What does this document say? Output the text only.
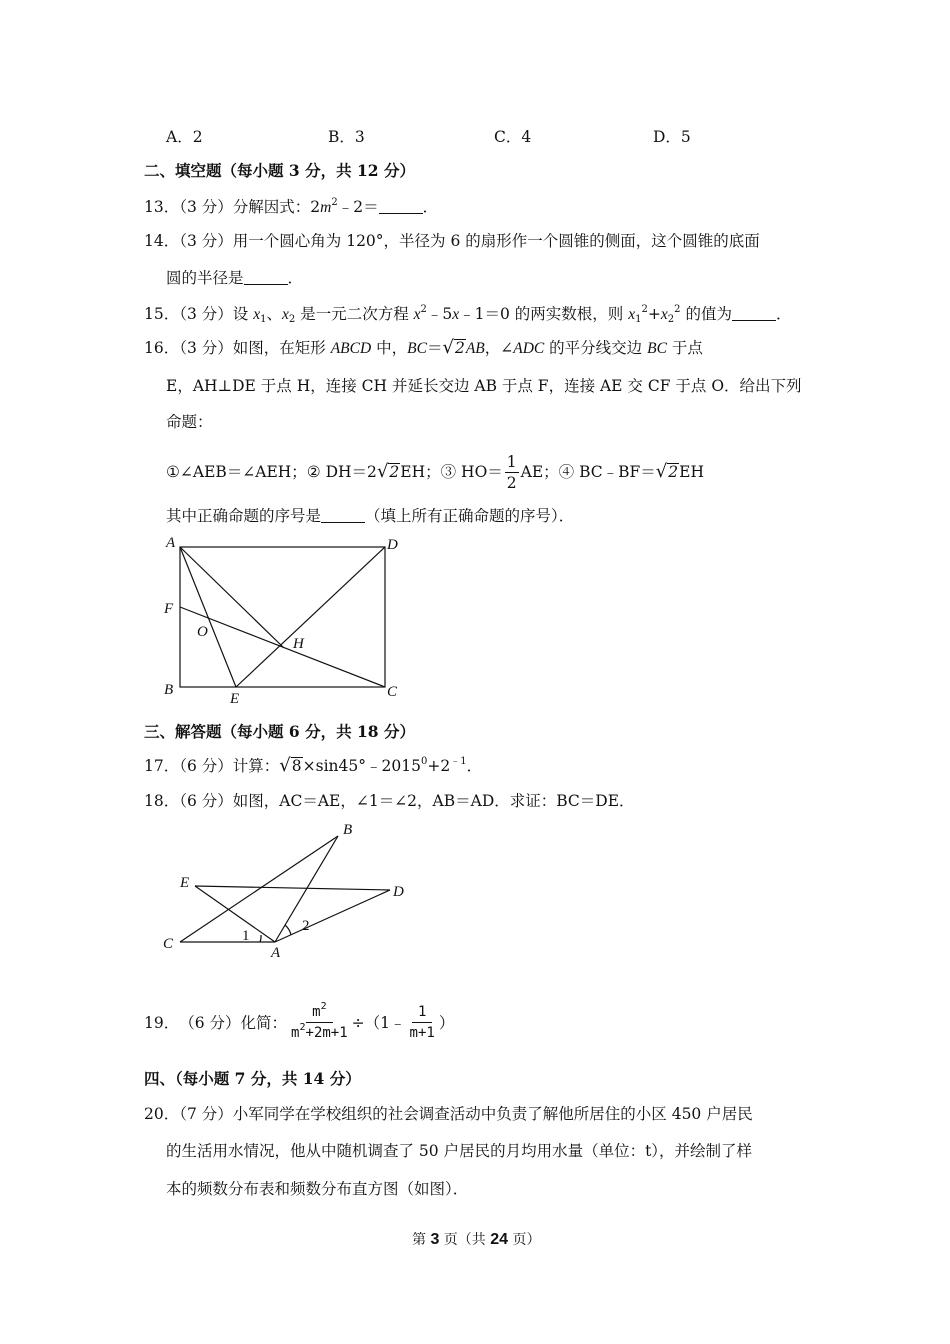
A．2	B．3	C．4	D．5
二、填空题（每小题 3 分，共 12 分）
13．（3 分）分解因式：$2m^2﹣2=$	．
14．（3 分）用一个圆心角为 120°，半径为 6 的扇形作一个圆锥的侧面，这个圆锥的底面
圆的半径是	．
15．（3 分）设 $x_1$、$x_2$ 是一元二次方程 $x^2﹣5x﹣1=0$ 的两实数根，则 $x_1^2+x_2^2$ 的值为	．
16．（3 分）如图，在矩形 ABCD 中，BC＝ √ 2 AB，∠ADC 的平分线交边 BC 于点
E，AH⊥DE 于点 H，连接 CH 并延长交边 AB 于点 F，连接 AE 交 CF 于点 O．给出下列
命题：
①∠AEB＝∠AEH；② DH＝2 √ 2 EH；③ $HO= \frac{1}{2}$ AE；④ BC﹣BF＝ √ 2 EH
其中正确命题的序号是	（填上所有正确命题的序号）．
A	D
F
O
H
B
E	C
三、解答题（每小题 6 分，共 18 分）
17．（6 分）计算： √ $8 \times\sin 45^\circ﹣2015^0+2^{﹣1}$．
18．（6 分）如图，AC＝AE，∠1＝∠2，AB＝AD．求证：BC＝DE．
B
E
D
C
A
1
2
19． （6 分） 化简： $\frac{m^2}{m^2+2m+1}$ ÷（1﹣ $\frac{1}{m+1}$ ）
四、（每小题 7 分，共 14 分）
20．（7 分）小军同学在学校组织的社会调查活动中负责了解他所居住的小区 450 户居民
的生活用水情况，他从中随机调查了 50 户居民的月均用水量（单位：t），并绘制了样
本的频数分布表和频数分布直方图（如图）．
第 3 页（共 24 页）
